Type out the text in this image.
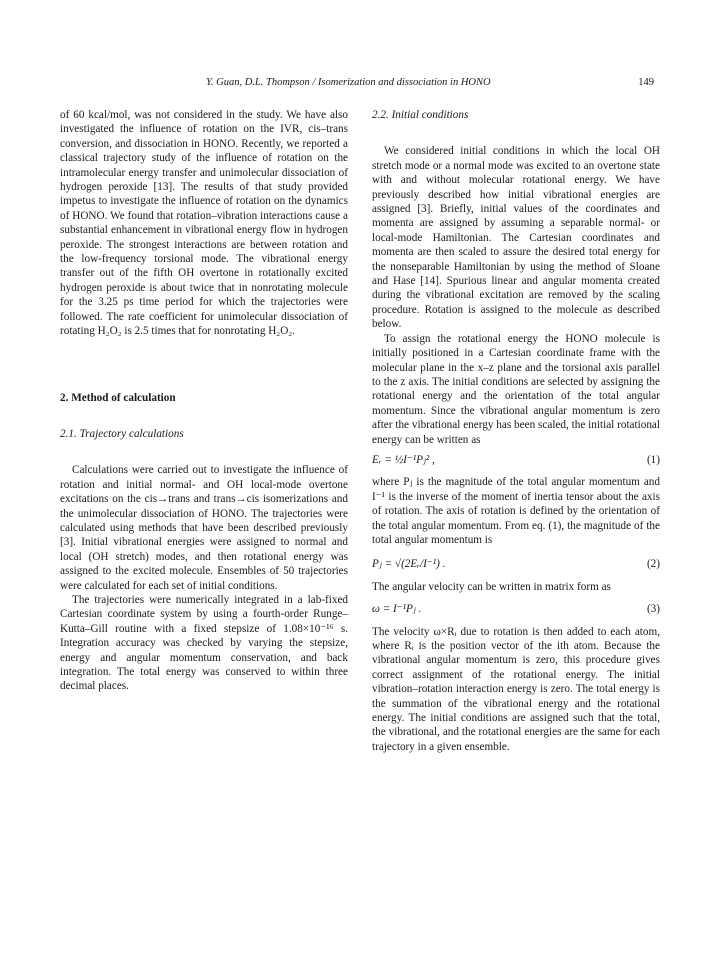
Y. Guan, D.L. Thompson / Isomerization and dissociation in HONO	149

of 60 kcal/mol, was not considered in the study. We have also investigated the influence of rotation on the IVR, cis–trans conversion, and dissociation in HONO. Recently, we reported a classical trajectory study of the influence of rotation on the intramolecular energy transfer and unimolecular dissociation of hydrogen peroxide [13]. The results of that study provided impetus to investigate the influence of rotation on the dynamics of HONO. We found that rotation–vibration interactions cause a substantial enhancement in vibrational energy flow in hydrogen peroxide. The strongest interactions are between rotation and the low-frequency torsional mode. The vibrational energy transfer out of the fifth OH overtone in rotationally excited hydrogen peroxide is about twice that in nonrotating molecule for the 3.25 ps time period for which the trajectories were followed. The rate coefficient for unimolecular dissociation of rotating H₂O₂ is 2.5 times that for nonrotating H₂O₂.

2. Method of calculation
2.1. Trajectory calculations

Calculations were carried out to investigate the influence of rotation and initial normal- and OH local-mode overtone excitations on the cis→trans and trans→cis isomerizations and the unimolecular dissociation of HONO. The trajectories were calculated using methods that have been described previously [3]. Initial vibrational energies were assigned to normal and local (OH stretch) modes, and then rotational energy was assigned to the excited molecule. Ensembles of 50 trajectories were calculated for each set of initial conditions.

The trajectories were numerically integrated in a lab-fixed Cartesian coordinate system by using a fourth-order Runge–Kutta–Gill routine with a fixed stepsize of 1.08×10⁻¹⁶ s. Integration accuracy was checked by varying the stepsize, energy and angular momentum conservation, and back integration. The total energy was conserved to within three decimal places.

2.2. Initial conditions

We considered initial conditions in which the local OH stretch mode or a normal mode was excited to an overtone state with and without molecular rotational energy. We have previously described how initial vibrational energies are assigned [3]. Briefly, initial values of the coordinates and momenta are assigned by assuming a separable normal- or local-mode Hamiltonian. The Cartesian coordinates and momenta are then scaled to assure the desired total energy for the nonseparable Hamiltonian by using the method of Sloane and Hase [14]. Spurious linear and angular momenta created during the vibrational excitation are removed by the scaling procedure. Rotation is assigned to the molecule as described below.

To assign the rotational energy the HONO molecule is initially positioned in a Cartesian coordinate frame with the molecular plane in the x–z plane and the torsional axis parallel to the z axis. The initial conditions are selected by assigning the rotational energy and the orientation of the total angular momentum. Since the vibrational angular momentum is zero after the vibrational energy has been scaled, the initial rotational energy can be written as

Eᵣ = ½I⁻¹Pⱼ² ,	(1)

where Pⱼ is the magnitude of the total angular momentum and I⁻¹ is the inverse of the moment of inertia tensor about the axis of rotation. The axis of rotation is defined by the orientation of the total angular momentum. From eq. (1), the magnitude of the total angular momentum is

Pⱼ = √(2Eᵣ/I⁻¹) .	(2)

The angular velocity can be written in matrix form as

ω = I⁻¹Pⱼ .	(3)

The velocity ω×Rᵢ due to rotation is then added to each atom, where Rᵢ is the position vector of the ith atom. Because the vibrational angular momentum is zero, this procedure gives correct assignment of the rotational energy. The initial vibration–rotation interaction energy is zero. The total energy is the summation of the vibrational energy and the rotational energy. The initial conditions are assigned such that the total, the vibrational, and the rotational energies are the same for each trajectory in a given ensemble.
